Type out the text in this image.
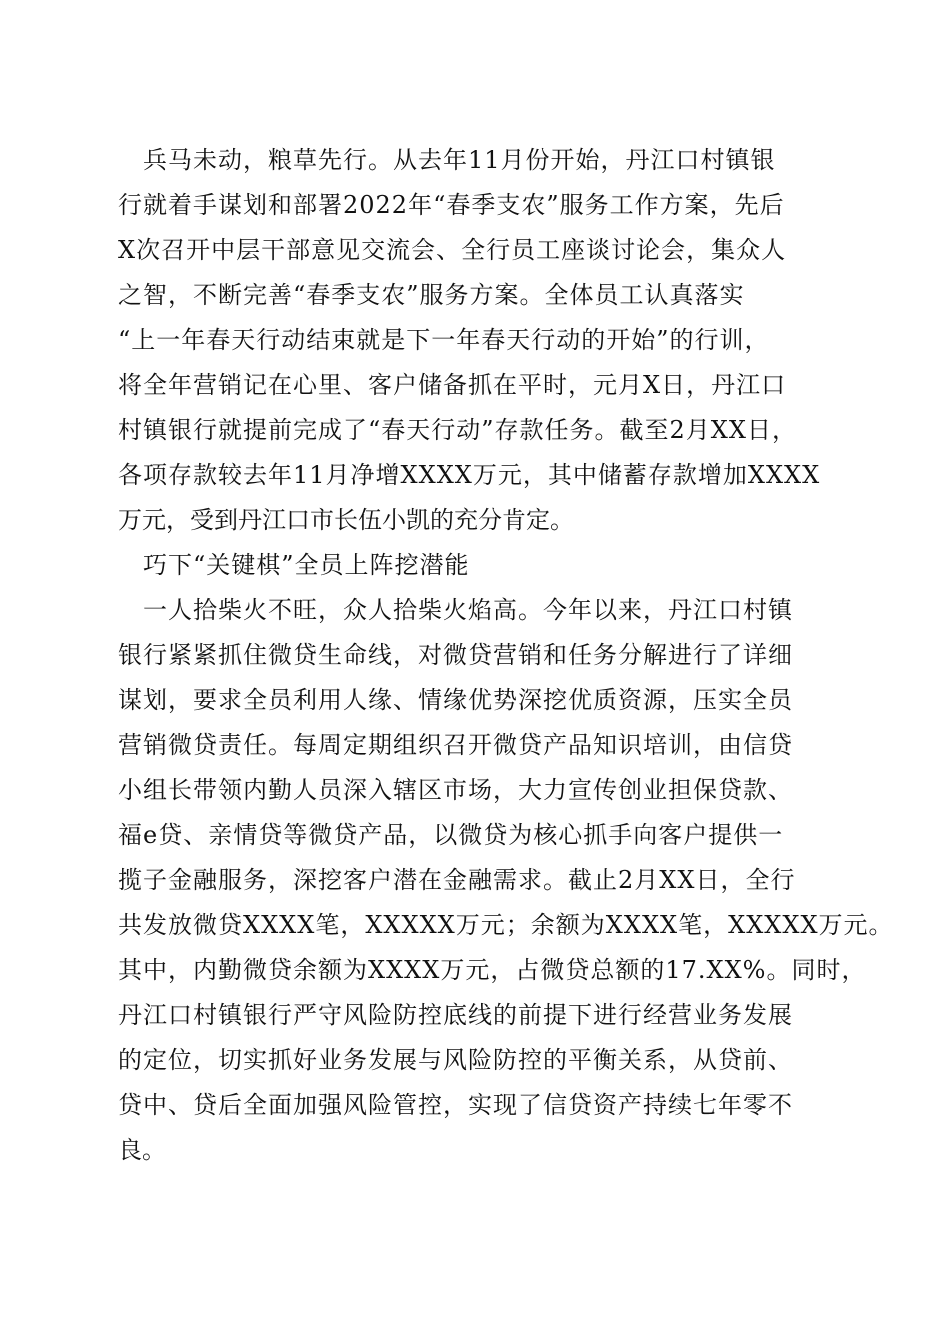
　兵马未动，粮草先行。从去年11月份开始，丹江口村镇银
行就着手谋划和部署2022年“春季支农”服务工作方案，先后
X次召开中层干部意见交流会、全行员工座谈讨论会，集众人
之智，不断完善“春季支农”服务方案。全体员工认真落实
“上一年春天行动结束就是下一年春天行动的开始”的行训，
将全年营销记在心里、客户储备抓在平时，元月X日，丹江口
村镇银行就提前完成了“春天行动”存款任务。截至2月XX日，
各项存款较去年11月净增XXXX万元，其中储蓄存款增加XXXX
万元，受到丹江口市长伍小凯的充分肯定。
　巧下“关键棋”全员上阵挖潜能
　一人拾柴火不旺，众人拾柴火焰高。今年以来，丹江口村镇
银行紧紧抓住微贷生命线，对微贷营销和任务分解进行了详细
谋划，要求全员利用人缘、情缘优势深挖优质资源，压实全员
营销微贷责任。每周定期组织召开微贷产品知识培训，由信贷
小组长带领内勤人员深入辖区市场，大力宣传创业担保贷款、
福e贷、亲情贷等微贷产品，以微贷为核心抓手向客户提供一
揽子金融服务，深挖客户潜在金融需求。截止2月XX日，全行
共发放微贷XXXX笔，XXXXX万元；余额为XXXX笔，XXXXX万元。
其中，内勤微贷余额为XXXX万元，占微贷总额的17.XX%。同时，
丹江口村镇银行严守风险防控底线的前提下进行经营业务发展
的定位，切实抓好业务发展与风险防控的平衡关系，从贷前、
贷中、贷后全面加强风险管控，实现了信贷资产持续七年零不
良。
